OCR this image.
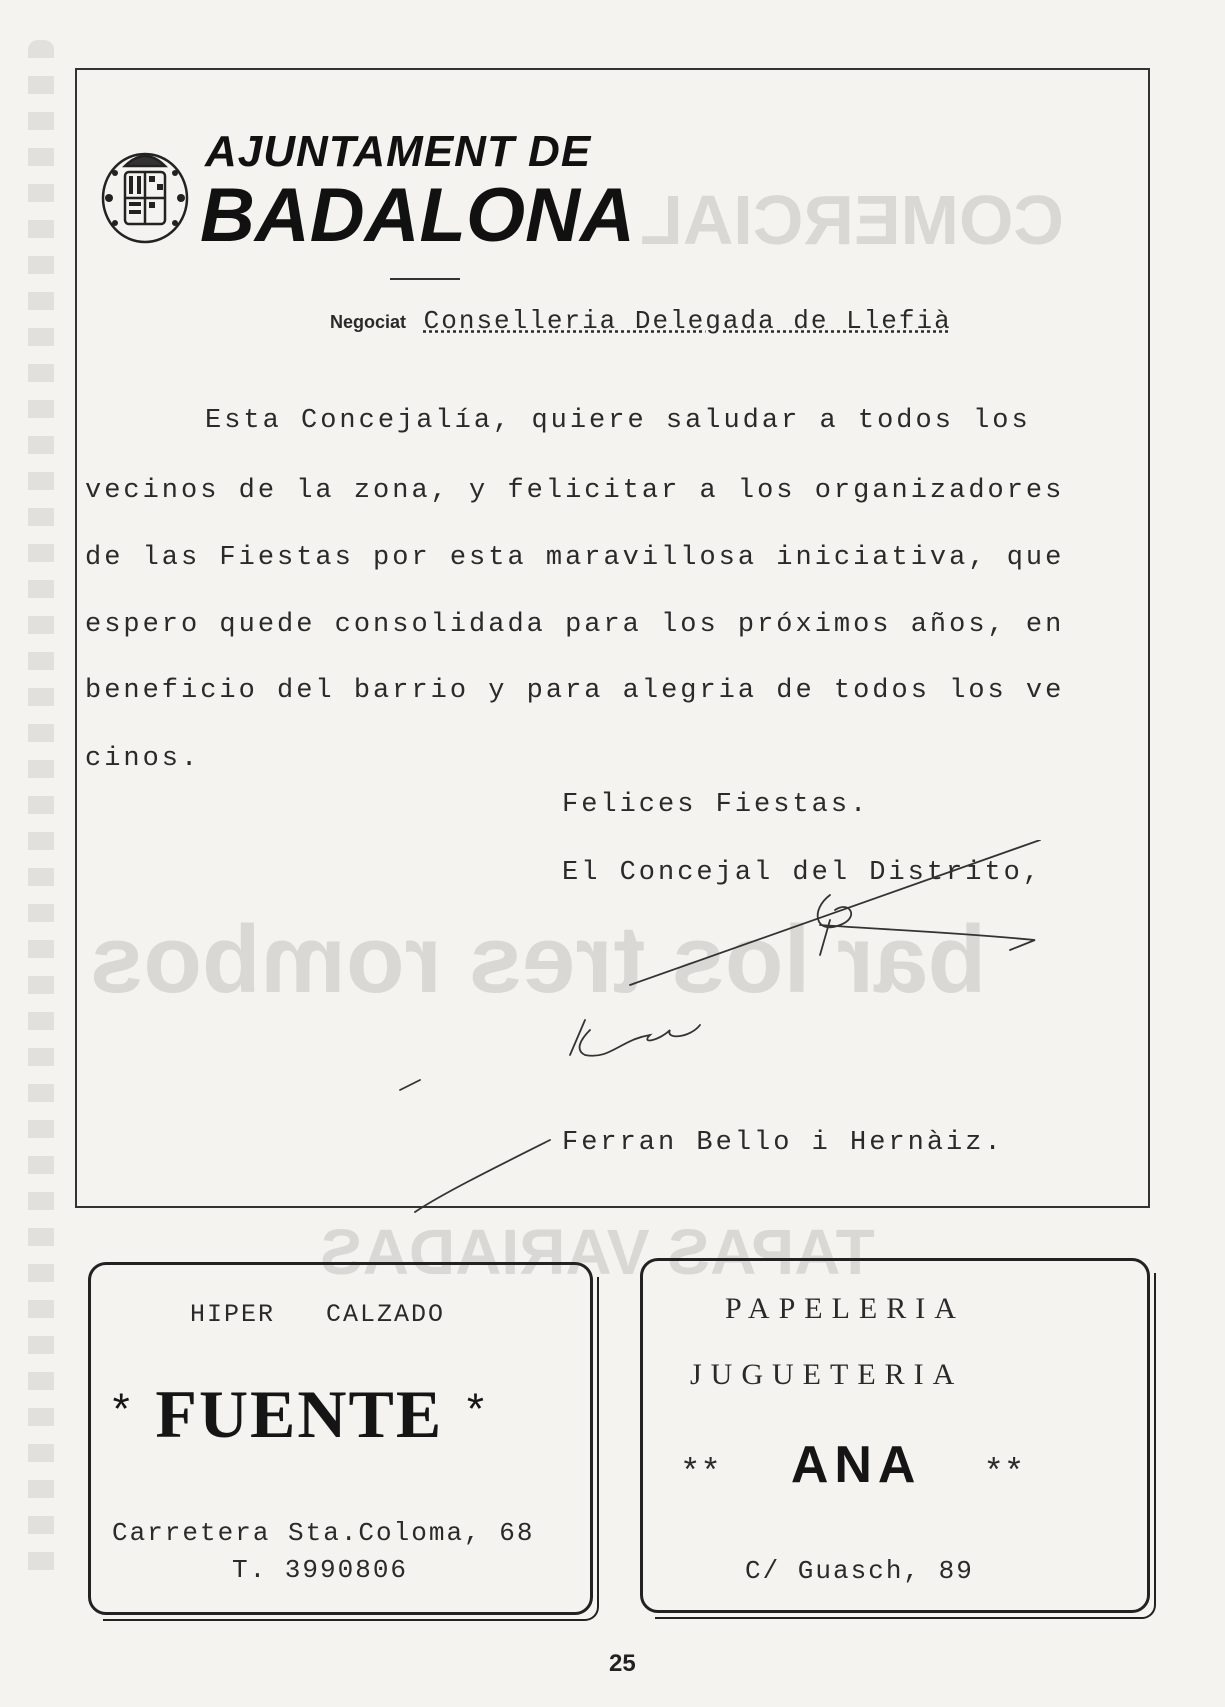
COMERCIAL
bar los tres rombos
TAPAS VARIADAS
AJUNTAMENT DE
BADALONA
Negociat Conselleria Delegada de Llefià
Esta Concejalía, quiere saludar a todos los
vecinos de la zona, y felicitar a los organizadores
de las Fiestas por esta maravillosa iniciativa, que
espero quede consolidada para los próximos años, en
beneficio del barrio y para alegria de todos los ve
cinos.
Felices Fiestas.
El Concejal del Distrito,
Ferran Bello i Hernàiz.
HIPER   CALZADO
* FUENTE *
Carretera Sta.Coloma, 68
T. 3990806
PAPELERIA
JUGUETERIA
** ANA **
C/ Guasch, 89
25
